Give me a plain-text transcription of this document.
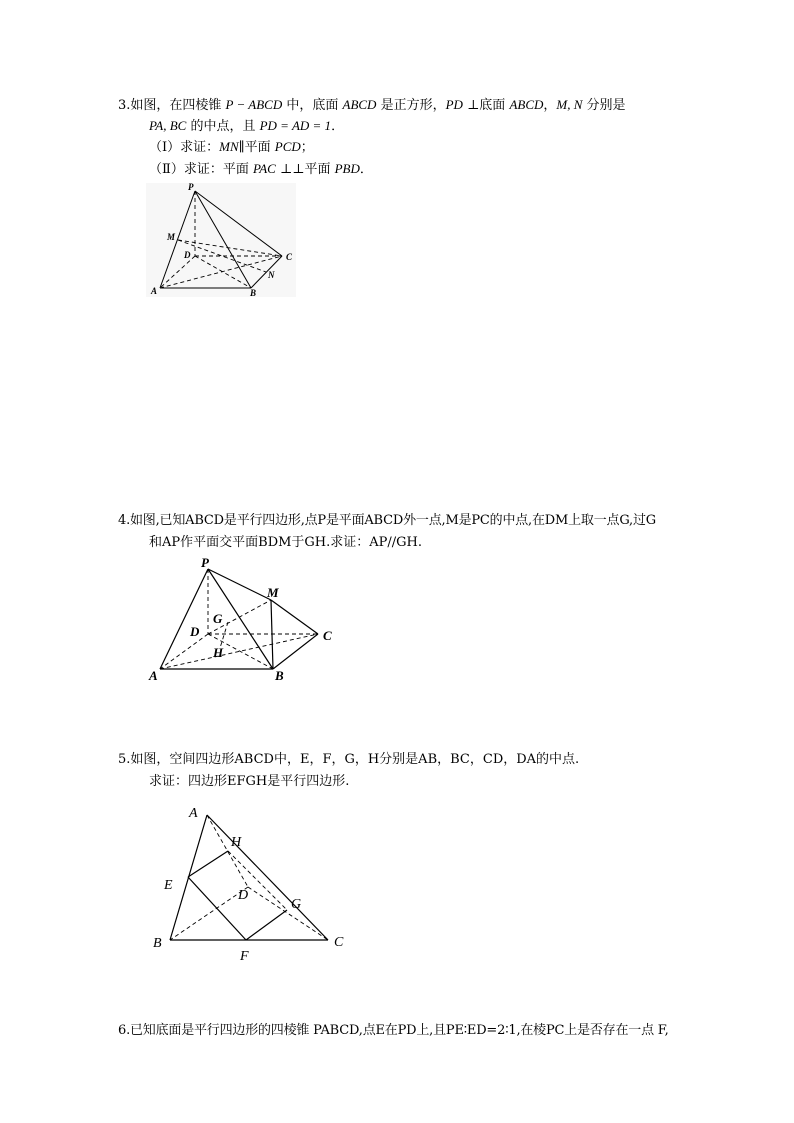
3.如图，在四棱锥 P − ABCD 中，底面 ABCD 是正方形，PD ⊥底面 ABCD，M, N 分别是
PA, BC 的中点，且 PD = AD = 1．
（Ⅰ）求证：MN∥平面 PCD；
（Ⅱ）求证：平面 PAC ⊥⊥平面 PBD．
P
M
D	C
N
A	B
4.如图,已知ABCD是平行四边形,点P是平面ABCD外一点,M是PC的中点,在DM上取一点G,过G
和AP作平面交平面BDM于GH.求证：AP//GH.
P
M
G
D	C
H
A	B
5.如图，空间四边形ABCD中，E，F，G，H分别是AB，BC，CD，DA的中点.
求证：四边形EFGH是平行四边形.
A
H
E
D
G
B
F
C
6.已知底面是平行四边形的四棱锥 PABCD,点E在PD上,且PE∶ED=2∶1,在棱PC上是否存在一点 F,
